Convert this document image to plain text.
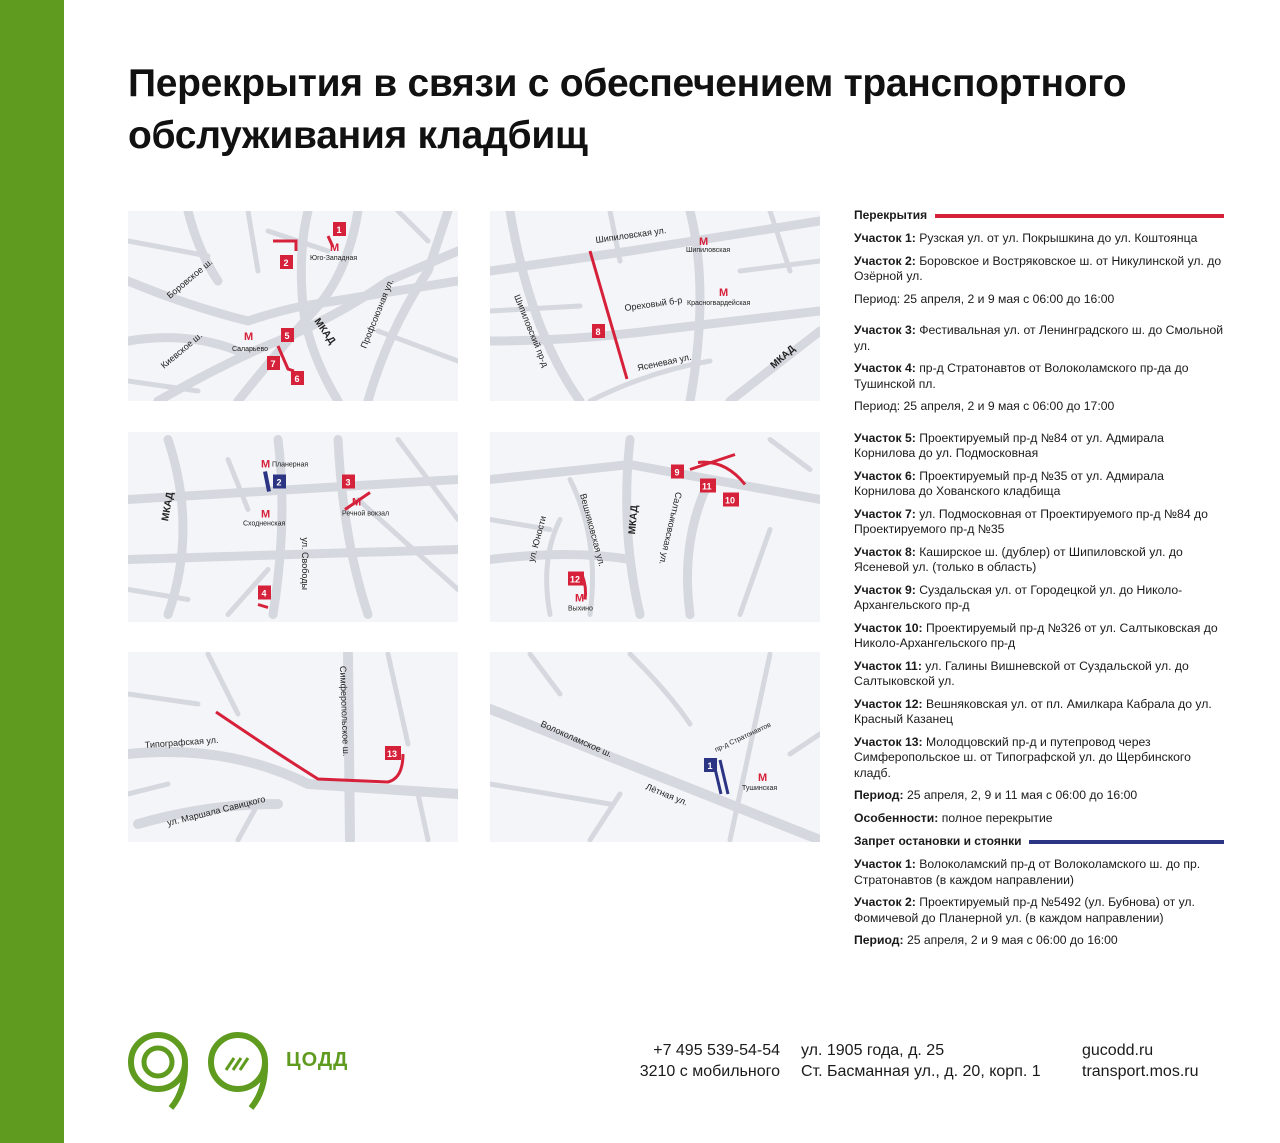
Перекрытия в связи с обеспечением транспортного обслуживания кладбищ
1
2
5
6
7
М
Юго-Западная
М
Саларьево
Боровское ш.
Киевское ш.
Профсоюзная ул.
МКАД	8
М
Шипиловская
М
Красногвардейская
Шипиловская ул.
Ореховый б-р
Ясеневая ул.
Шипиловский пр-д	МКАД
2	3
4
М Планерная
М
Сходненская
М
Речной вокзал
ул. Свободы
МКАД
9
10
11
12
М
Выхино
ул. Юности	Вешняковская ул.	Салтыковская ул.
МКАД
13
Типографская ул.
ул. Маршала Савицкого
Симферопольское ш.
1
М
Тушинская
Волоколамское ш.
Лётная ул.
пр-д Стратонавтов
Перекрытия
Участок 1: Рузская ул. от ул. Покрышкина до ул. Коштоянца
Участок 2: Боровское и Востряковское ш. от Никулинской ул. до Озёрной ул.
Период: 25 апреля, 2 и 9 мая с 06:00 до 16:00
Участок 3: Фестивальная ул. от Ленинградского ш. до Смольной ул.
Участок 4: пр-д Стратонавтов от Волоколамского пр-да до Тушинской пл.
Период: 25 апреля, 2 и 9 мая с 06:00 до 17:00
Участок 5: Проектируемый пр-д №84 от ул. Адмирала Корнилова до ул. Подмосковная
Участок 6: Проектируемый пр-д №35 от ул. Адмирала Корнилова до Хованского кладбища
Участок 7: ул. Подмосковная от Проектируемого пр-д №84 до Проектируемого пр-д №35
Участок 8: Каширское ш. (дублер) от Шипиловской ул. до Ясеневой ул. (только в область)
Участок 9: Суздальская ул. от Городецкой ул. до Николо-Архангельского пр-д
Участок 10: Проектируемый пр-д №326 от ул. Салтыковская до Николо-Архангельского пр-д
Участок 11: ул. Галины Вишневской от Суздальской ул. до Салтыковской ул.
Участок 12: Вешняковская ул. от пл. Амилкара Кабрала до ул. Красный Казанец
Участок 13: Молодцовский пр-д и путепровод через Симферопольское ш. от Типографской ул. до Щербинского кладб.
Период: 25 апреля, 2, 9 и 11 мая с 06:00 до 16:00
Особенности: полное перекрытие
Запрет остановки и стоянки
Участок 1: Волоколамский пр-д от Волоколамского ш. до пр. Стратонавтов (в каждом направлении)
Участок 2: Проектируемый пр-д №5492 (ул. Бубнова) от ул. Фомичевой до Планерной ул. (в каждом направлении)
Период: 25 апреля, 2 и 9 мая с 06:00 до 16:00
ЦОДД	+7 495 539-54-54
3210 с мобильного
ул. 1905 года, д. 25
Ст. Басманная ул., д. 20, корп. 1
gucodd.ru
transport.mos.ru
